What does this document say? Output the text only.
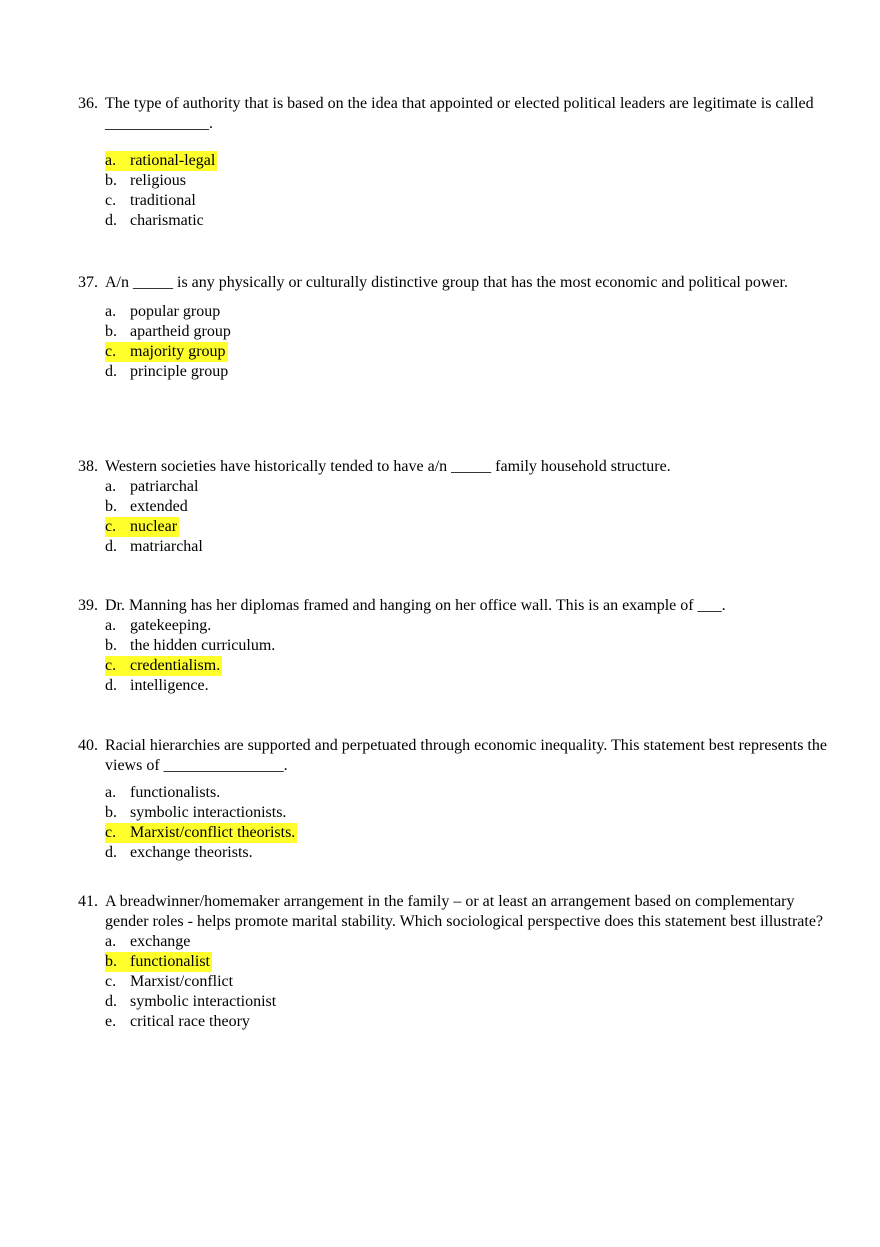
36. The type of authority that is based on the idea that appointed or elected political leaders are legitimate is called _____________.
a. rational-legal
b. religious
c. traditional
d. charismatic
37. A/n _____ is any physically or culturally distinctive group that has the most economic and political power.
a. popular group
b. apartheid group
c. majority group
d. principle group
38. Western societies have historically tended to have a/n _____ family household structure.
a. patriarchal
b. extended
c. nuclear
d. matriarchal
39. Dr. Manning has her diplomas framed and hanging on her office wall. This is an example of ___.
a. gatekeeping.
b. the hidden curriculum.
c. credentialism.
d. intelligence.
40. Racial hierarchies are supported and perpetuated through economic inequality. This statement best represents the views of _______________.
a. functionalists.
b. symbolic interactionists.
c. Marxist/conflict theorists.
d. exchange theorists.
41. A breadwinner/homemaker arrangement in the family – or at least an arrangement based on complementary gender roles - helps promote marital stability. Which sociological perspective does this statement best illustrate?
a. exchange
b. functionalist
c. Marxist/conflict
d. symbolic interactionist
e. critical race theory
